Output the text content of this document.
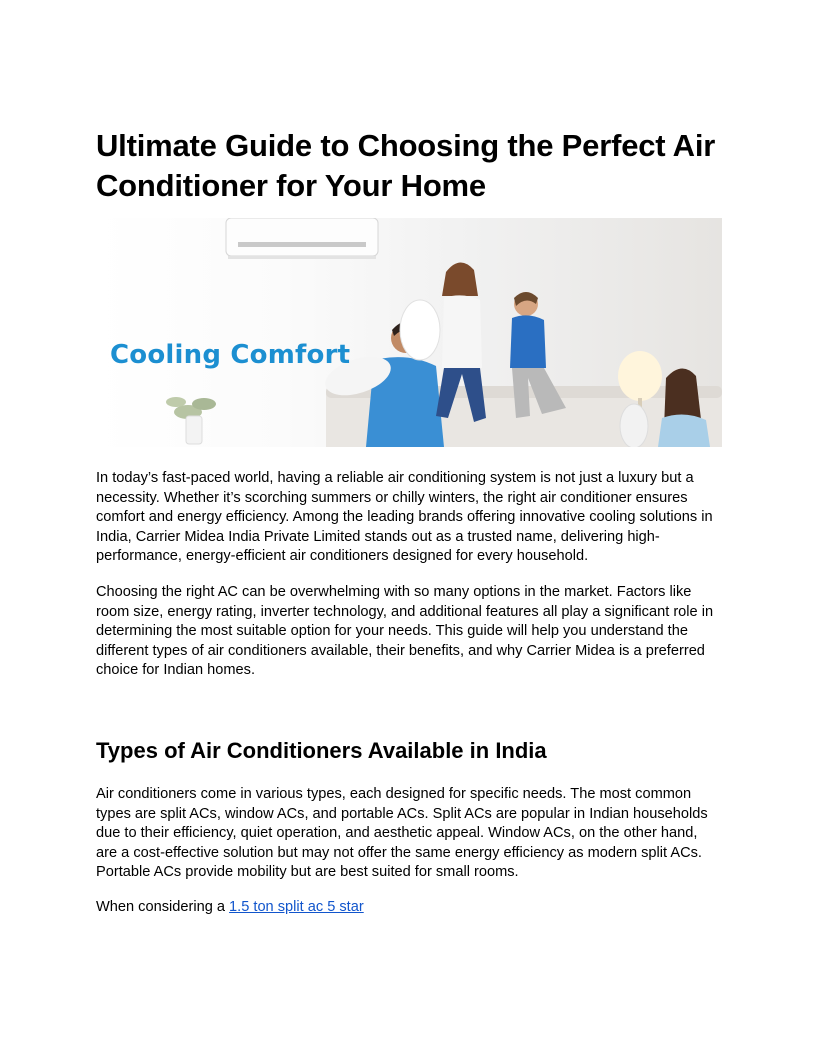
Ultimate Guide to Choosing the Perfect Air Conditioner for Your Home
Cooling Comfort

In today’s fast-paced world, having a reliable air conditioning system is not just a luxury but a necessity. Whether it’s scorching summers or chilly winters, the right air conditioner ensures comfort and energy efficiency. Among the leading brands offering innovative cooling solutions in India, Carrier Midea India Private Limited stands out as a trusted name, delivering high-performance, energy-efficient air conditioners designed for every household.

Choosing the right AC can be overwhelming with so many options in the market. Factors like room size, energy rating, inverter technology, and additional features all play a significant role in determining the most suitable option for your needs. This guide will help you understand the different types of air conditioners available, their benefits, and why Carrier Midea is a preferred choice for Indian homes.

Types of Air Conditioners Available in India

Air conditioners come in various types, each designed for specific needs. The most common types are split ACs, window ACs, and portable ACs. Split ACs are popular in Indian households due to their efficiency, quiet operation, and aesthetic appeal. Window ACs, on the other hand, are a cost-effective solution but may not offer the same energy efficiency as modern split ACs. Portable ACs provide mobility but are best suited for small rooms.

When considering a 1.5 ton split ac 5 star
